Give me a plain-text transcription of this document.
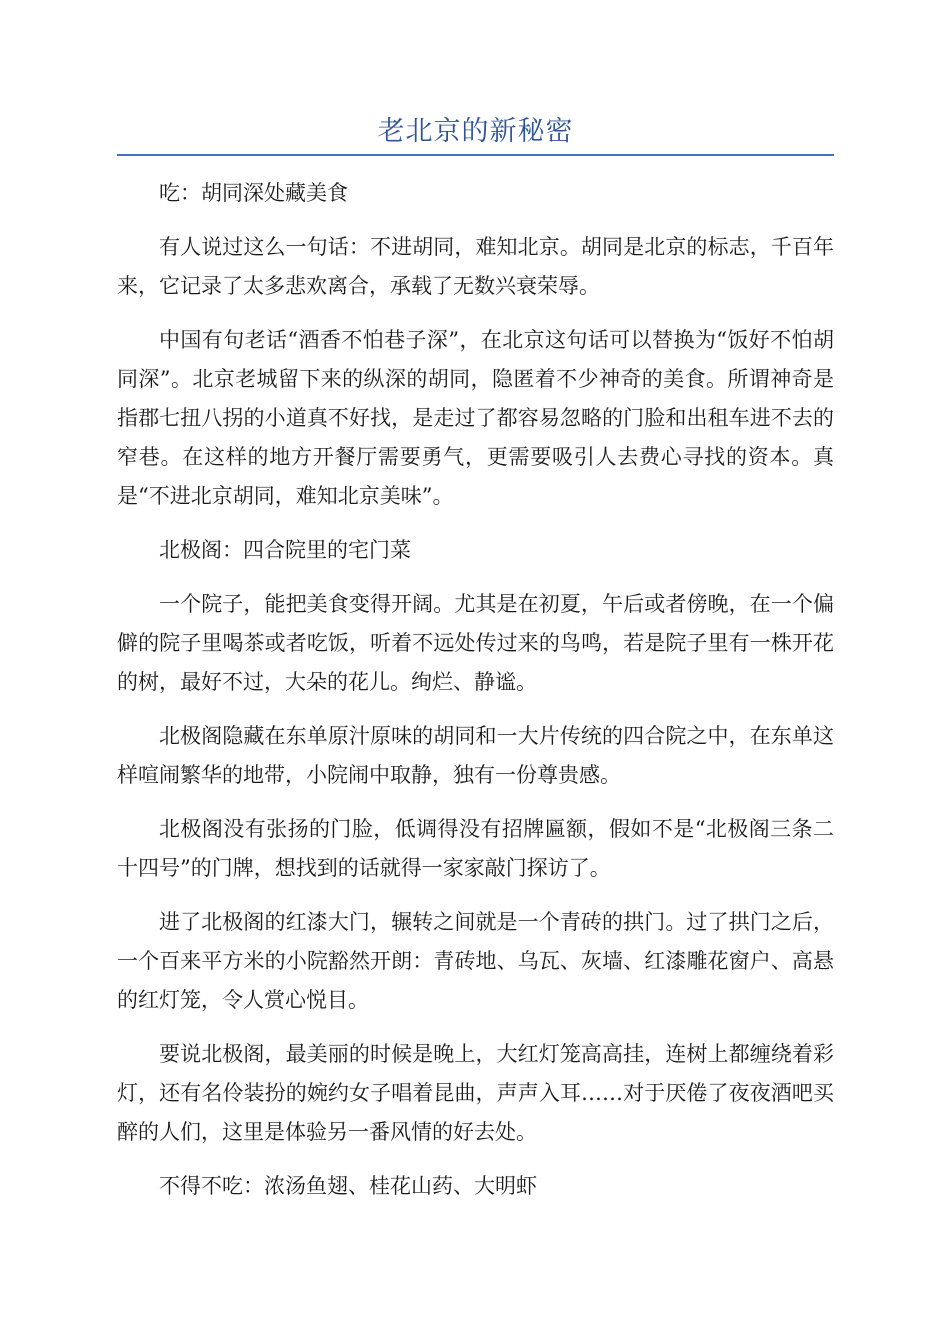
老北京的新秘密

吃：胡同深处藏美食

有人说过这么一句话：不进胡同，难知北京。胡同是北京的标志，千百年来，它记录了太多悲欢离合，承载了无数兴衰荣辱。

中国有句老话“酒香不怕巷子深”，在北京这句话可以替换为“饭好不怕胡同深”。北京老城留下来的纵深的胡同，隐匿着不少神奇的美食。所谓神奇是指郡七扭八拐的小道真不好找，是走过了都容易忽略的门脸和出租车进不去的窄巷。在这样的地方开餐厅需要勇气，更需要吸引人去费心寻找的资本。真是“不进北京胡同，难知北京美味”。

北极阁：四合院里的宅门菜

一个院子，能把美食变得开阔。尤其是在初夏，午后或者傍晚，在一个偏僻的院子里喝茶或者吃饭，听着不远处传过来的鸟鸣，若是院子里有一株开花的树，最好不过，大朵的花儿。绚烂、静谧。

北极阁隐藏在东单原汁原味的胡同和一大片传统的四合院之中，在东单这样喧闹繁华的地带，小院闹中取静，独有一份尊贵感。

北极阁没有张扬的门脸，低调得没有招牌匾额，假如不是“北极阁三条二十四号”的门牌，想找到的话就得一家家敲门探访了。

进了北极阁的红漆大门，辗转之间就是一个青砖的拱门。过了拱门之后，一个百来平方米的小院豁然开朗：青砖地、乌瓦、灰墙、红漆雕花窗户、高悬的红灯笼，令人赏心悦目。

要说北极阁，最美丽的时候是晚上，大红灯笼高高挂，连树上都缠绕着彩灯，还有名伶装扮的婉约女子唱着昆曲，声声入耳……对于厌倦了夜夜酒吧买醉的人们，这里是体验另一番风情的好去处。

不得不吃：浓汤鱼翅、桂花山药、大明虾
